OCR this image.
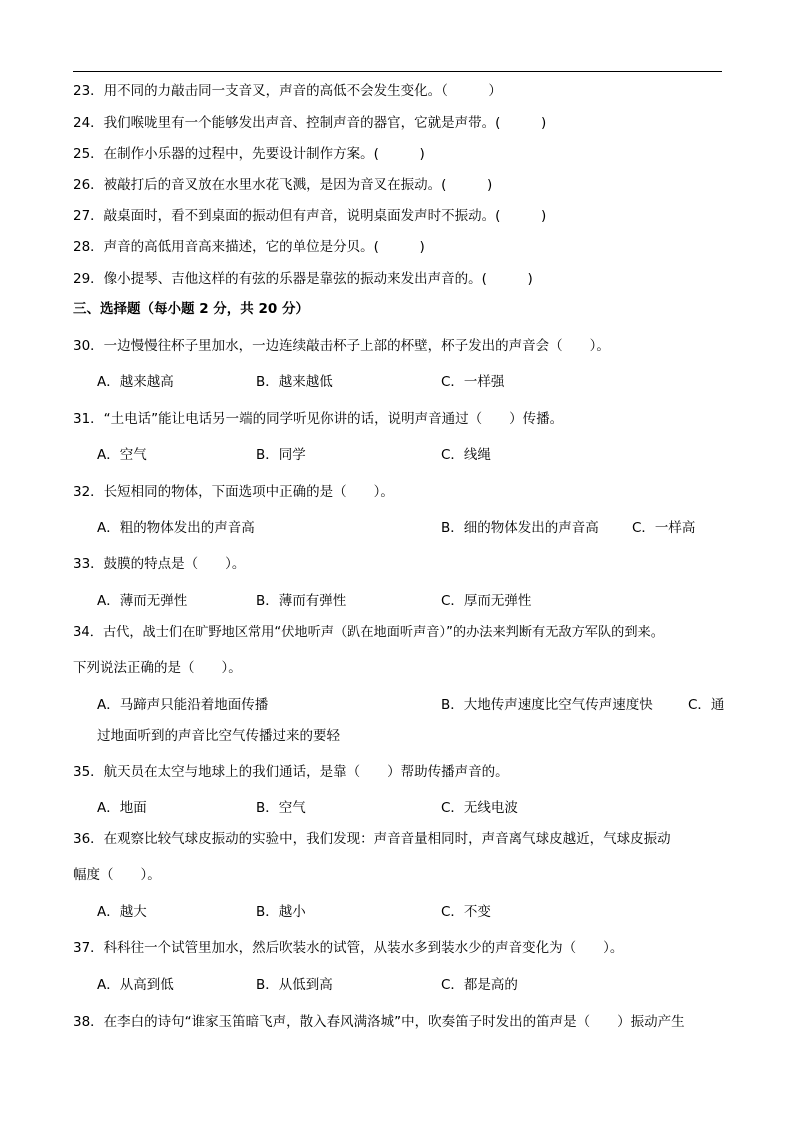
23．用不同的力敲击同一支音叉，声音的高低不会发生变化。（　　　）
24．我们喉咙里有一个能够发出声音、控制声音的器官，它就是声带。(　　　)
25．在制作小乐器的过程中，先要设计制作方案。(　　　)
26．被敲打后的音叉放在水里水花飞溅，是因为音叉在振动。(　　　)
27．敲桌面时，看不到桌面的振动但有声音，说明桌面发声时不振动。(　　　)
28．声音的高低用音高来描述，它的单位是分贝。(　　　)
29．像小提琴、吉他这样的有弦的乐器是靠弦的振动来发出声音的。(　　　)
三、选择题（每小题 2 分，共 20 分）
30．一边慢慢往杯子里加水，一边连续敲击杯子上部的杯壁，杯子发出的声音会（　　）。
A．越来越高	B．越来越低	C．一样强
31．“土电话”能让电话另一端的同学听见你讲的话，说明声音通过（　　）传播。
A．空气	B．同学	C．线绳
32．长短相同的物体，下面选项中正确的是（　　）。
A．粗的物体发出的声音高	B．细的物体发出的声音高 C．一样高
33．鼓膜的特点是（　　）。
A．薄而无弹性	B．薄而有弹性	C．厚而无弹性
34．古代，战士们在旷野地区常用“伏地听声（趴在地面听声音）”的办法来判断有无敌方军队的到来。
下列说法正确的是（　　）。
A．马蹄声只能沿着地面传播	B．大地传声速度比空气传声速度快	C．通
过地面听到的声音比空气传播过来的要轻
35．航天员在太空与地球上的我们通话，是靠（　　）帮助传播声音的。
A．地面	B．空气	C．无线电波
36．在观察比较气球皮振动的实验中，我们发现：声音音量相同时，声音离气球皮越近，气球皮振动
幅度（　　）。
A．越大	B．越小	C．不变
37．科科往一个试管里加水，然后吹装水的试管，从装水多到装水少的声音变化为（　　）。
A．从高到低	B．从低到高	C．都是高的
38．在李白的诗句“谁家玉笛暗飞声，散入春风满洛城”中，吹奏笛子时发出的笛声是（　　）振动产生
